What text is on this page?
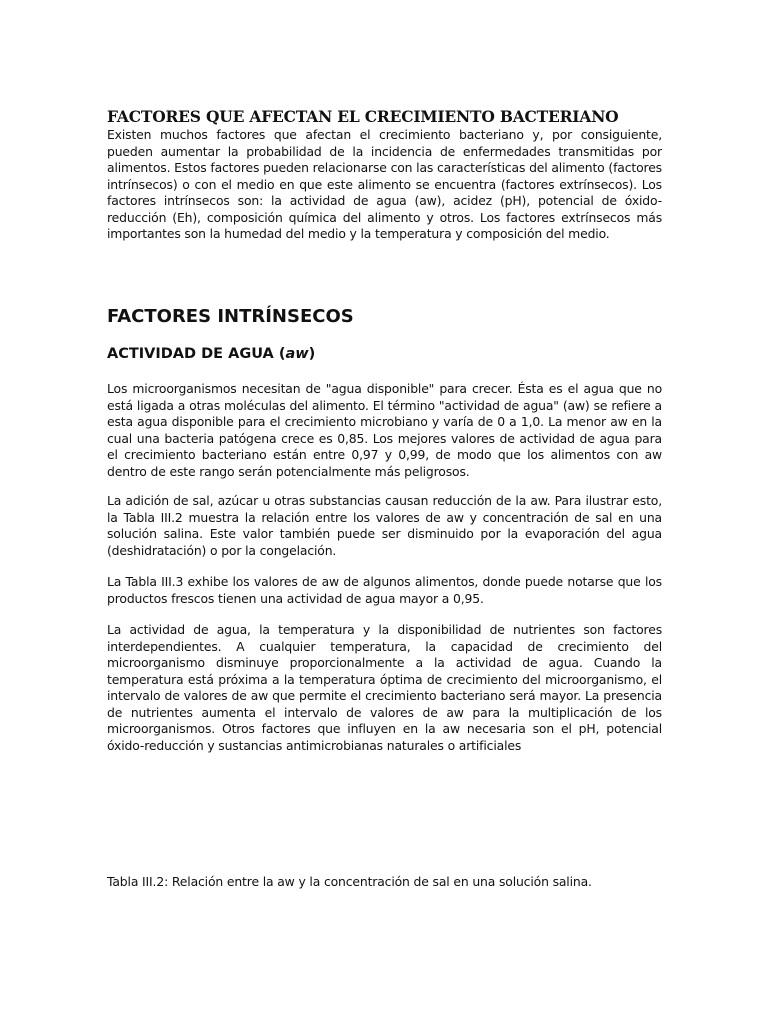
FACTORES QUE AFECTAN EL CRECIMIENTO BACTERIANO

Existen muchos factores que afectan el crecimiento bacteriano y, por consiguiente, pueden aumentar la probabilidad de la incidencia de enfermedades transmitidas por alimentos. Estos factores pueden relacionarse con las características del alimento (factores intrínsecos) o con el medio en que este alimento se encuentra (factores extrínsecos). Los factores intrínsecos son: la actividad de agua (aw), acidez (pH), potencial de óxido-reducción (Eh), composición química del alimento y otros. Los factores extrínsecos más importantes son la humedad del medio y la temperatura y composición del medio.

FACTORES INTRÍNSECOS
ACTIVIDAD DE AGUA (aw)

Los microorganismos necesitan de "agua disponible" para crecer. Ésta es el agua que no está ligada a otras moléculas del alimento. El término "actividad de agua" (aw) se refiere a esta agua disponible para el crecimiento microbiano y varía de 0 a 1,0. La menor aw en la cual una bacteria patógena crece es 0,85. Los mejores valores de actividad de agua para el crecimiento bacteriano están entre 0,97 y 0,99, de modo que los alimentos con aw dentro de este rango serán potencialmente más peligrosos.

La adición de sal, azúcar u otras substancias causan reducción de la aw. Para ilustrar esto, la Tabla III.2 muestra la relación entre los valores de aw y concentración de sal en una solución salina. Este valor también puede ser disminuido por la evaporación del agua (deshidratación) o por la congelación.

La Tabla III.3 exhibe los valores de aw de algunos alimentos, donde puede notarse que los productos frescos tienen una actividad de agua mayor a 0,95.

La actividad de agua, la temperatura y la disponibilidad de nutrientes son factores interdependientes. A cualquier temperatura, la capacidad de crecimiento del microorganismo disminuye proporcionalmente a la actividad de agua. Cuando la temperatura está próxima a la temperatura óptima de crecimiento del microorganismo, el intervalo de valores de aw que permite el crecimiento bacteriano será mayor. La presencia de nutrientes aumenta el intervalo de valores de aw para la multiplicación de los microorganismos. Otros factores que influyen en la aw necesaria son el pH, potencial óxido-reducción y sustancias antimicrobianas naturales o artificiales

Tabla III.2: Relación entre la aw y la concentración de sal en una solución salina.
